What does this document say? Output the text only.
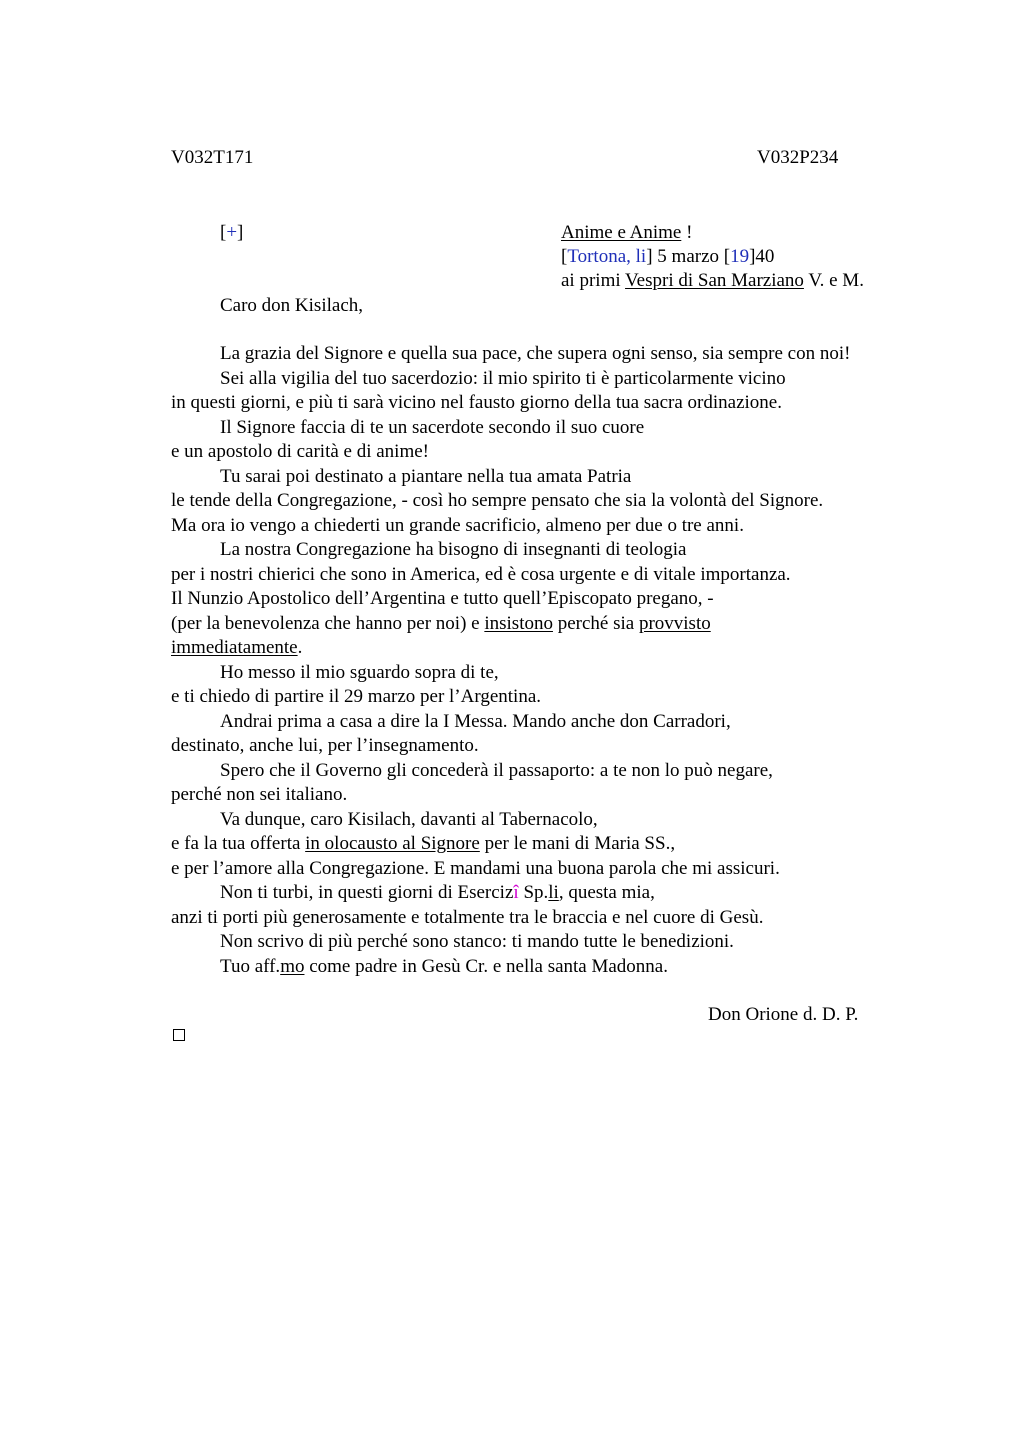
V032T171	V032P234
[+]	Anime e Anime !
[Tortona, li] 5 marzo [19]40
ai primi Vespri di San Marziano V. e M.
Caro don Kisilach,
La grazia del Signore e quella sua pace, che supera ogni senso, sia sempre con noi!
Sei alla vigilia del tuo sacerdozio: il mio spirito ti è particolarmente vicino
in questi giorni, e più ti sarà vicino nel fausto giorno della tua sacra ordinazione.
Il Signore faccia di te un sacerdote secondo il suo cuore
e un apostolo di carità e di anime!
Tu sarai poi destinato a piantare nella tua amata Patria
le tende della Congregazione, - così ho sempre pensato che sia la volontà del Signore.
Ma ora io vengo a chiederti un grande sacrificio, almeno per due o tre anni.
La nostra Congregazione ha bisogno di insegnanti di teologia
per i nostri chierici che sono in America, ed è cosa urgente e di vitale importanza.
Il Nunzio Apostolico dell’Argentina e tutto quell’Episcopato pregano, -
(per la benevolenza che hanno per noi) e insistono perché sia provvisto
immediatamente.
Ho messo il mio sguardo sopra di te,
e ti chiedo di partire il 29 marzo per l’Argentina.
Andrai prima a casa a dire la I Messa. Mando anche don Carradori,
destinato, anche lui, per l’insegnamento.
Spero che il Governo gli concederà il passaporto: a te non lo può negare,
perché non sei italiano.
Va dunque, caro Kisilach, davanti al Tabernacolo,
e fa la tua offerta in olocausto al Signore per le mani di Maria SS.,
e per l’amore alla Congregazione. E mandami una buona parola che mi assicuri.
Non ti turbi, in questi giorni di Esercizî Sp.li, questa mia,
anzi ti porti più generosamente e totalmente tra le braccia e nel cuore di Gesù.
Non scrivo di più perché sono stanco: ti mando tutte le benedizioni.
Tuo aff.mo come padre in Gesù Cr. e nella santa Madonna.
Don Orione d. D. P.
